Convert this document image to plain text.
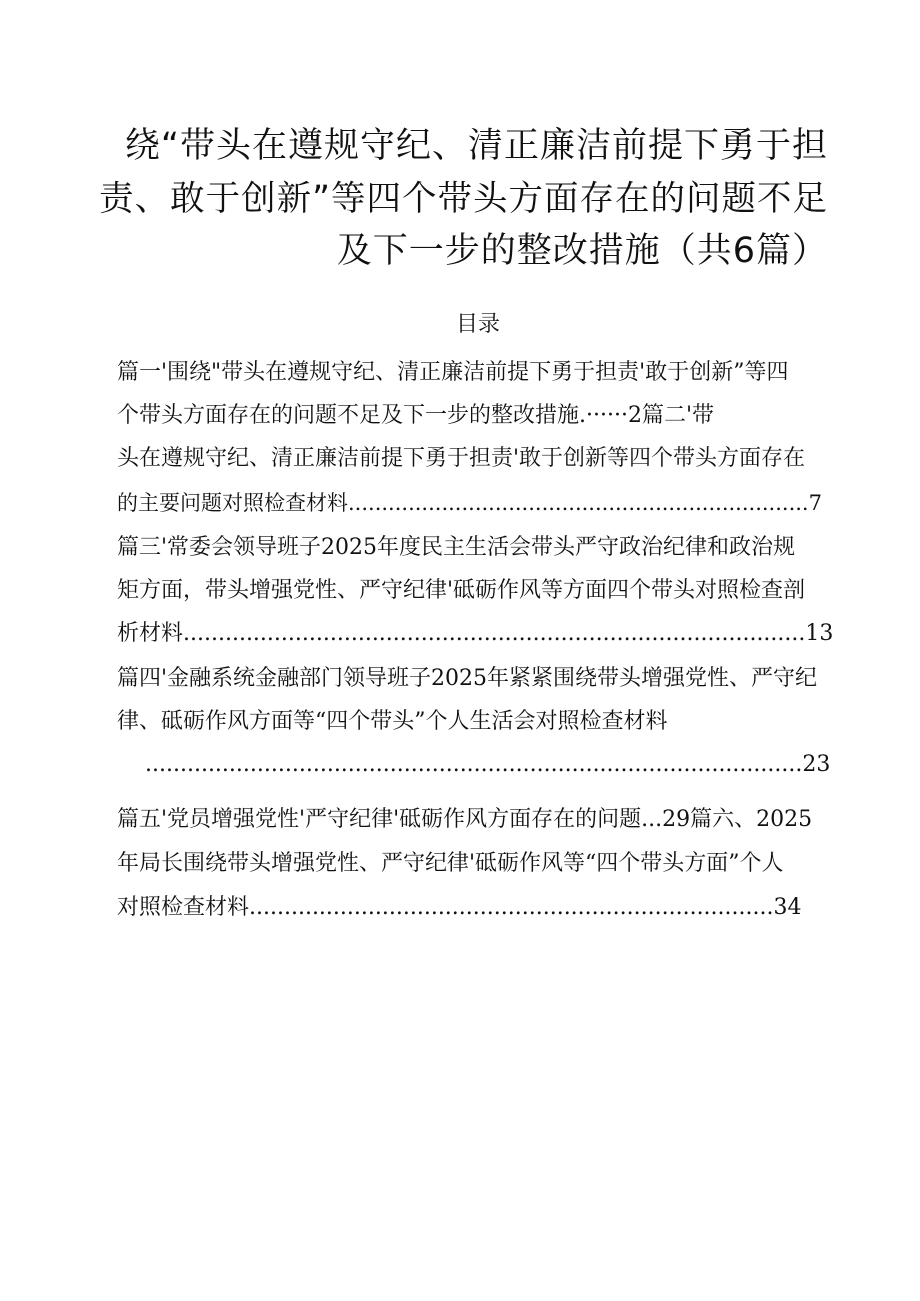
绕“带头在遵规守纪、清正廉洁前提下勇于担
责、敢于创新”等四个带头方面存在的问题不足
及下一步的整改措施（共6篇）
目录
篇一'围绕"带头在遵规守纪、清正廉洁前提下勇于担责'敢于创新”等四
个带头方面存在的问题不足及下一步的整改措施.······2篇二'带
头在遵规守纪、清正廉洁前提下勇于担责'敢于创新等四个带头方面存在
的主要问题对照检查材料.....................................................................7
篇三'常委会领导班子2025年度民主生活会带头严守政治纪律和政治规
矩方面，带头增强党性、严守纪律'砥砺作风等方面四个带头对照检查剖
析材料.........................................................................................13
篇四'金融系统金融部门领导班子2025年紧紧围绕带头增强党性、严守纪
律、砥砺作风方面等“四个带头”个人生活会对照检查材料
..............................................................................................23
篇五'党员增强党性'严守纪律'砥砺作风方面存在的问题...29篇六、2025
年局长围绕带头增强党性、严守纪律'砥砺作风等“四个带头方面”个人
对照检查材料...........................................................................34
